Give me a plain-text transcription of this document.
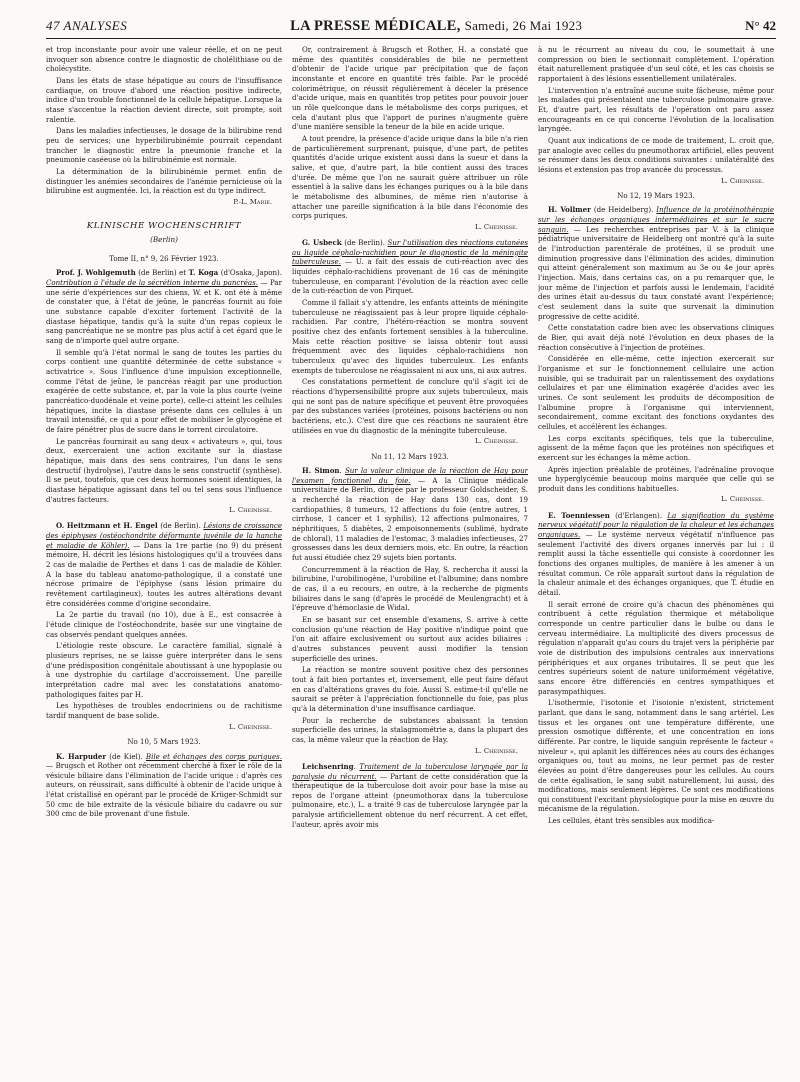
47 ANALYSES	LA PRESSE MÉDICALE, Samedi, 26 Mai 1923	N° 42

et trop inconstante pour avoir une valeur réelle, et on ne peut invoquer son absence contre le diagnostic de cholélithiase ou de cholécystite.

Dans les états de stase hépatique au cours de l'insuffisance cardiaque, on trouve d'abord une réaction positive indirecte, indice d'un trouble fonctionnel de la cellule hépatique. Lorsque la stase s'accentue la réaction devient directe, soit prompte, soit ralentie.

Dans les maladies infectieuses, le dosage de la bilirubine rend peu de services; une hyperbilirubinémie pourrait cependant trancher le diagnostic entre la pneumonie franche et la pneumonie caséeuse où la bilirubinémie est normale.

La détermination de la bilirubinémie permet enfin de distinguer les anémies secondaires de l'anémie pernicieuse où la bilirubine est augmentée. Ici, la réaction est du type indirect.

P.-L. Marie.
KLINISCHE WOCHENSCHRIFT
(Berlin)
Tome II, n° 9, 26 Février 1923.

Prof. J. Wohlgemuth (de Berlin) et T. Koga (d'Osaka, Japon). Contribution à l'étude de la sécrétion interne du pancréas. — Par une série d'expériences sur des chiens, W. et K. ont été à même de constater que, à l'état de jeûne, le pancréas fournit au foie une substance capable d'exciter fortement l'activité de la diastase hépatique, tandis qu'à la suite d'un repas copieux le sang pancréatique ne se montre pas plus actif à cet égard que le sang de n'importe quel autre organe.

Il semble qu'à l'état normal le sang de toutes les parties du corps contient une quantité déterminée de cette substance « activatrice ». Sous l'influence d'une impulsion exceptionnelle, comme l'état de jeûne, le pancréas réagit par une production exagérée de cette substance, et, par la voie la plus courte (veine pancréatico-duodénale et veine porte), celle-ci atteint les cellules hépatiques, incite la diastase présente dans ces cellules à un travail intensifié, ce qui a pour effet de mobiliser le glycogène et de faire pénétrer plus de sucre dans le torrent circulatoire.

Le pancréas fournirait au sang deux « activateurs », qui, tous deux, exerceraient une action excitante sur la diastase hépatique, mais dans des sens contraires, l'un dans le sens destructif (hydrolyse), l'autre dans le sens constructif (synthèse). Il se peut, toutefois, que ces deux hormones soient identiques, la diastase hépatique agissant dans tel ou tel sens sous l'influence d'autres facteurs.

L. Cheinisse.

O. Heitzmann et H. Engel (de Berlin). Lésions de croissance des épiphyses (ostéochondrite déformante juvénile de la hanche et maladie de Köhler). — Dans la 1re partie (no 9) du présent mémoire, H. décrit les lésions histologiques qu'il a trouvées dans 2 cas de maladie de Perthes et dans 1 cas de maladie de Köhler. A la base du tableau anatomo-pathologique, il a constaté une nécrose primaire de l'épiphyse (sans lésion primaire du revêtement cartilagineux), toutes les autres altérations devant être considérées comme d'origine secondaire.

La 2e partie du travail (no 10), due à E., est consacrée à l'étude clinique de l'ostéochondrite, basée sur une vingtaine de cas observés pendant quelques années.

L'étiologie reste obscure. Le caractère familial, signalé à plusieurs reprises, ne se laisse guère interpréter dans le sens d'une prédisposition congénitale aboutissant à une hypoplasie ou à une dystrophie du cartilage d'accroissement. Une pareille interprétation cadre mal avec les constatations anatomo-pathologiques faites par H.

Les hypothèses de troubles endocriniens ou de rachitisme tardif manquent de base solide.

L. Cheinisse.
No 10, 5 Mars 1923.

K. Harpuder (de Kiel). Bile et échanges des corps puriques. — Brugsch et Rother ont récemment cherché à fixer le rôle de la vésicule biliaire dans l'élimination de l'acide urique : d'après ces auteurs, on réussirait, sans difficulté à obtenir de l'acide urique à l'état cristallisé en opérant par le procédé de Krüger-Schmidt sur 50 cmc de bile extraite de la vésicule biliaire du cadavre ou sur 300 cmc de bile provenant d'une fistule.

Or, contrairement à Brugsch et Rother, H. a constaté que même des quantités considérables de bile ne permettent d'obtenir de l'acide urique par précipitation que de façon inconstante et encore en quantité très faible. Par le procédé colorimétrique, on réussit régulièrement à déceler la présence d'acide urique, mais en quantités trop petites pour pouvoir jouer un rôle quelconque dans le métabolisme des corps puriques, et cela d'autant plus que l'apport de purines n'augmente guère d'une manière sensible la teneur de la bile en acide urique.

A tout prendre, la présence d'acide urique dans la bile n'a rien de particulièrement surprenant, puisque, d'une part, de petites quantités d'acide urique existent aussi dans la sueur et dans la salive, et que, d'autre part, la bile contient aussi des traces d'urée. De même que l'on ne saurait guère attribuer un rôle essentiel à la salive dans les échanges puriques ou à la bile dans le métabolisme des albumines, de même rien n'autorise à attacher une pareille signification à la bile dans l'économie des corps puriques.

L. Cheinisse.

G. Usbeck (de Berlin). Sur l'utilisation des réactions cutanées au liquide céphalo-rachidien pour le diagnostic de la méningite tuberculeuse. — U. a fait des essais de cuti-réaction avec des liquides céphalo-rachidiens provenant de 16 cas de méningite tuberculeuse, en comparant l'évolution de la réaction avec celle de la cuti-réaction de von Pirquet.

Comme il fallait s'y attendre, les enfants atteints de méningite tuberculeuse ne réagissaient pas à leur propre liquide céphalo-rachidien. Par contre, l'hétéro-réaction se montra souvent positive chez des enfants fortement sensibles à la tuberculine. Mais cette réaction positive se laissa obtenir tout aussi fréquemment avec des liquides céphalo-rachidiens non tuberculeux qu'avec des liquides tuberculeux. Les enfants exempts de tuberculose ne réagissaient ni aux uns, ni aux autres.

Ces constatations permettent de conclure qu'il s'agit ici de réactions d'hypersensibilité propre aux sujets tuberculeux, mais qui ne sont pas de nature spécifique et peuvent être provoquées par des substances variées (protéines, poisons bactériens ou non bactériens, etc.). C'est dire que ces réactions ne sauraient être utilisées en vue du diagnostic de la méningite tuberculeuse.

L. Cheinisse.
No 11, 12 Mars 1923.

H. Simon. Sur la valeur clinique de la réaction de Hay pour l'examen fonctionnel du foie. — A la Clinique médicale universitaire de Berlin, dirigée par le professeur Goldscheider, S. a recherché la réaction de Hay dans 130 cas, dont 19 cardiopathies, 8 tumeurs, 12 affections du foie (entre autres, 1 cirrhose, 1 cancer et 1 syphilis), 12 affections pulmonaires, 7 néphritiques, 5 diabètes, 2 empoisonnements (sublimé, hydrate de chloral), 11 maladies de l'estomac, 3 maladies infectieuses, 27 grossesses dans les deux derniers mois, etc. En outre, la réaction fut aussi étudiée chez 29 sujets bien portants.

Concurremment à la réaction de Hay, S. rechercha it aussi la bilirubine, l'urobilinogène, l'urobiline et l'albumine; dans nombre de cas, il a eu recours, en outre, à la recherche de pigments biliaires dans le sang (d'après le procédé de Meulengracht) et à l'épreuve d'hémoclasie de Widal.

En se basant sur cet ensemble d'examens, S. arrive à cette conclusion qu'une réaction de Hay positive n'indique point que l'on ait affaire exclusivement ou surtout aux acides biliaires : d'autres substances peuvent aussi modifier la tension superficielle des urines.

La réaction se montre souvent positive chez des personnes tout à fait bien portantes et, inversement, elle peut faire défaut en cas d'altérations graves du foie. Aussi S. estime-t-il qu'elle ne saurait se prêter à l'appréciation fonctionnelle du foie, pas plus qu'à la détermination d'une insuffisance cardiaque.

Pour la recherche de substances abaissant la tension superficielle des urines, la stalagmométrie a, dans la plupart des cas, la même valeur que la réaction de Hay.

L. Cheinisse.

Leichsenring. Traitement de la tuberculose laryngée par la paralysie du récurrent. — Partant de cette considération que la thérapeutique de la tuberculose doit avoir pour base la mise au repos de l'organe atteint (pneumothorax dans la tuberculose pulmonaire, etc.), L. a traité 9 cas de tuberculose laryngée par la paralysie artificiellement obtenue du nerf récurrent. A cet effet, l'auteur, après avoir mis

à nu le récurrent au niveau du cou, le soumettait à une compression ou bien le sectionnait complètement. L'opération était naturellement pratiquée d'un seul côté, et les cas choisis se rapportaient à des lésions essentiellement unilatérales.

L'intervention n'a entraîné aucune suite fâcheuse, même pour les malades qui présentaient une tuberculose pulmonaire grave. Et, d'autre part, les résultats de l'opération ont paru assez encourageants en ce qui concerne l'évolution de la localisation laryngée.

Quant aux indications de ce mode de traitement, L. croit que, par analogie avec celles du pneumothorax artificiel, elles peuvent se résumer dans les deux conditions suivantes : unilatéralité des lésions et extension pas trop avancée du processus.

L. Cheinisse.
No 12, 19 Mars 1923.

H. Vollmer (de Heidelberg). Influence de la protéinothérapie sur les échanges organiques intermédiaires et sur le sucre sanguin. — Les recherches entreprises par V. à la clinique pédiatrique universitaire de Heidelberg ont montré qu'à la suite de l'introduction parentérale de protéines, il se produit une diminution progressive dans l'élimination des acides, diminution qui atteint généralement son maximum au 3e ou 4e jour après l'injection. Mais, dans certains cas, on a pu remarquer que, le jour même de l'injection et parfois aussi le lendemain, l'acidité des urines était au-dessus du taux constaté avant l'expérience; c'est seulement dans la suite que survenait la diminution progressive de cette acidité.

Cette constatation cadre bien avec les observations cliniques de Bier, qui avait déjà noté l'évolution en deux phases de la réaction consécutive à l'injection de protéines.

Considérée en elle-même, cette injection exercerait sur l'organisme et sur le fonctionnement cellulaire une action nuisible, qui se traduirait par un ralentissement des oxydations cellulaires et par une élimination exagérée d'acides avec les urines. Ce sont seulement les produits de décomposition de l'albumine propre à l'organisme qui interviennent, secondairement, comme excitant des fonctions oxydantes des cellules, et accélèrent les échanges.

Les corps excitants spécifiques, tels que la tuberculine, agissent de la même façon que les protéines non spécifiques et exercent sur les échanges la même action.

Après injection préalable de protéines, l'adrénaline provoque une hyperglycémie beaucoup moins marquée que celle qui se produit dans les conditions habituelles.

L. Cheinisse.

E. Toenniessen (d'Erlangen). La signification du système nerveux végétatif pour la régulation de la chaleur et les échanges organiques. — Le système nerveux végétatif n'influence pas seulement l'activité des divers organes innervés par lui : il remplit aussi la tâche essentielle qui consiste à coordonner les fonctions des organes multiples, de manière à les amener à un résultat commun. Ce rôle apparaît surtout dans la régulation de la chaleur animale et des échanges organiques, que T. étudie en détail.

Il serait erroné de croire qu'à chacun des phénomènes qui contribuent à cette régulation thermique et métabolique corresponde un centre particulier dans le bulbe ou dans le cerveau intermédiaire. La multiplicité des divers processus de régulation n'apparaît qu'au cours du trajet vers la périphérie par voie de distribution des impulsions centrales aux innervations périphériques et aux organes tributaires. Il se peut que les centres supérieurs soient de nature uniformément végétative, sans encore être différenciés en centres sympathiques et parasympathiques.

L'isothermie, l'isotonie et l'isoionie n'existent, strictement parlant, que dans le sang, notamment dans le sang artériel. Les tissus et les organes ont une température différente, une pression osmotique différente, et une concentration en ions différente. Par contre, le liquide sanguin représente le facteur « niveleur », qui aplanit les différences nées au cours des échanges organiques ou, tout au moins, ne leur permet pas de rester élevées au point d'être dangereuses pour les cellules. Au cours de cette égalisation, le sang subit naturellement, lui aussi, des modifications, mais seulement légères. Ce sont ces modifications qui constituent l'excitant physiologique pour la mise en œuvre du mécanisme de la régulation.

Les cellules, étant très sensibles aux modifica-
